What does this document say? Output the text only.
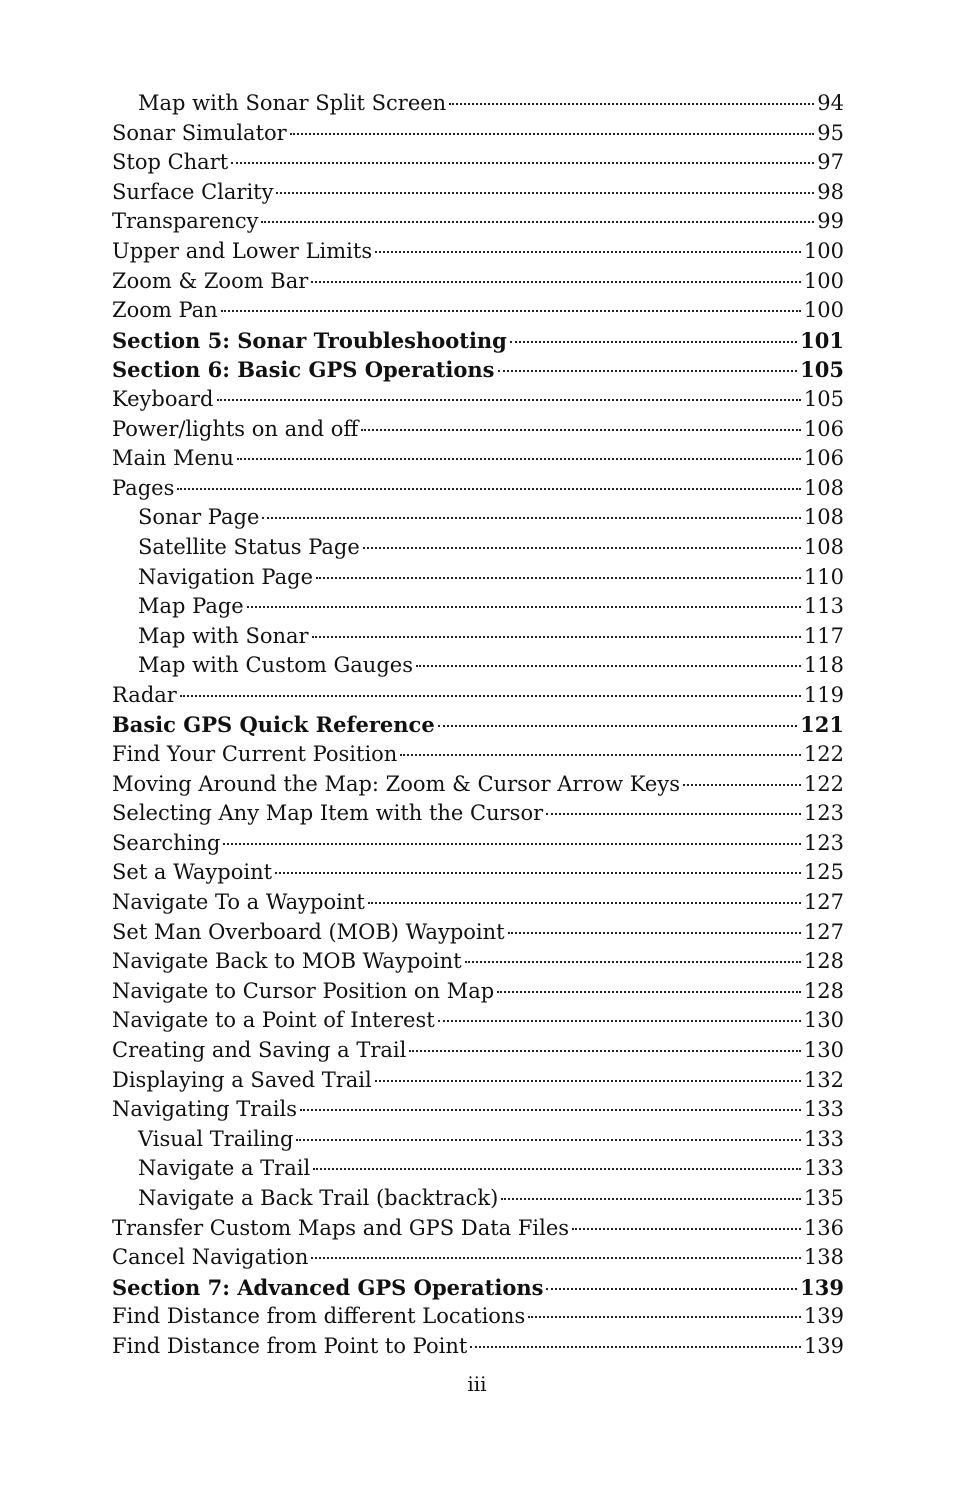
Map with Sonar Split Screen	94
Sonar Simulator	95
Stop Chart	97
Surface Clarity	98
Transparency	99
Upper and Lower Limits	100
Zoom & Zoom Bar	100
Zoom Pan	100
Section 5: Sonar Troubleshooting	101
Section 6: Basic GPS Operations	105
Keyboard	105
Power/lights on and off	106
Main Menu	106
Pages	108
Sonar Page	108
Satellite Status Page	108
Navigation Page	110
Map Page	113
Map with Sonar	117
Map with Custom Gauges	118
Radar	119
Basic GPS Quick Reference	121
Find Your Current Position	122
Moving Around the Map: Zoom & Cursor Arrow Keys	122
Selecting Any Map Item with the Cursor	123
Searching	123
Set a Waypoint	125
Navigate To a Waypoint	127
Set Man Overboard (MOB) Waypoint	127
Navigate Back to MOB Waypoint	128
Navigate to Cursor Position on Map	128
Navigate to a Point of Interest	130
Creating and Saving a Trail	130
Displaying a Saved Trail	132
Navigating Trails	133
Visual Trailing	133
Navigate a Trail	133
Navigate a Back Trail (backtrack)	135
Transfer Custom Maps and GPS Data Files	136
Cancel Navigation	138
Section 7: Advanced GPS Operations	139
Find Distance from different Locations	139
Find Distance from Point to Point	139
iii
